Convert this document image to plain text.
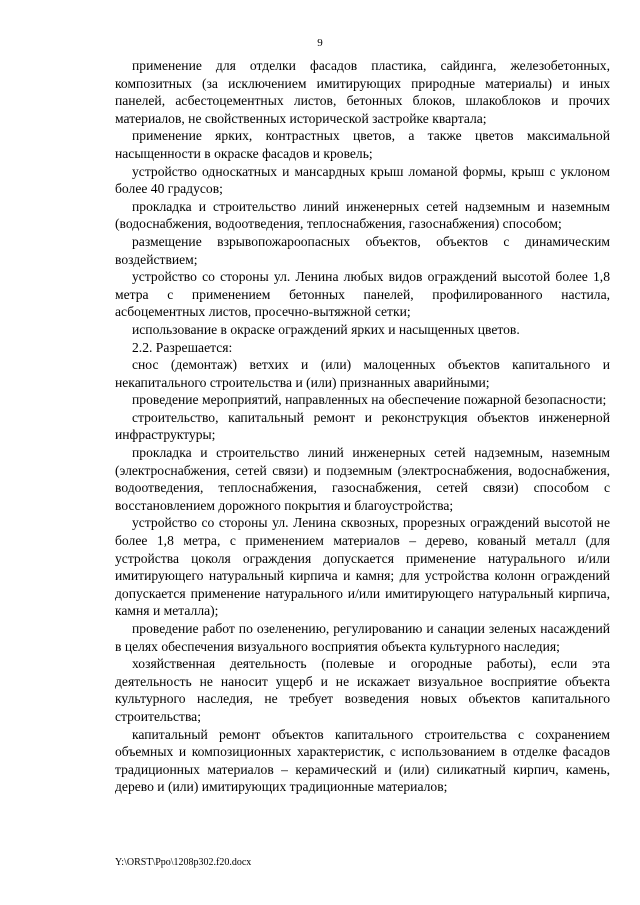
9

применение для отделки фасадов пластика, сайдинга, железобетонных, композитных (за исключением имитирующих природные материалы) и иных панелей, асбестоцементных листов, бетонных блоков, шлакоблоков и прочих материалов, не свойственных исторической застройке квартала;

применение ярких, контрастных цветов, а также цветов максимальной насыщенности в окраске фасадов и кровель;

устройство односкатных и мансардных крыш ломаной формы, крыш с уклоном более 40 градусов;

прокладка и строительство линий инженерных сетей надземным и наземным (водоснабжения, водоотведения, теплоснабжения, газоснабжения) способом;

размещение взрывопожароопасных объектов, объектов с динамическим воздействием;

устройство со стороны ул. Ленина любых видов ограждений высотой более 1,8 метра с применением бетонных панелей, профилированного настила, асбоцементных листов, просечно-вытяжной сетки;

использование в окраске ограждений ярких и насыщенных цветов.

2.2. Разрешается:

снос (демонтаж) ветхих и (или) малоценных объектов капитального и некапитального строительства и (или) признанных аварийными;

проведение мероприятий, направленных на обеспечение пожарной безопасности;

строительство, капитальный ремонт и реконструкция объектов инженерной инфраструктуры;

прокладка и строительство линий инженерных сетей надземным, наземным (электроснабжения, сетей связи) и подземным (электроснабжения, водоснабжения, водоотведения, теплоснабжения, газоснабжения, сетей связи) способом с восстановлением дорожного покрытия и благоустройства;

устройство со стороны ул. Ленина сквозных, прорезных ограждений высотой не более 1,8 метра, с применением материалов – дерево, кованый металл (для устройства цоколя ограждения допускается применение натурального и/или имитирующего натуральный кирпича и камня; для устройства колонн ограждений допускается применение натурального и/или имитирующего натуральный кирпича, камня и металла);

проведение работ по озеленению, регулированию и санации зеленых насаждений в целях обеспечения визуального восприятия объекта культурного наследия;

хозяйственная деятельность (полевые и огородные работы), если эта деятельность не наносит ущерб и не искажает визуальное восприятие объекта культурного наследия, не требует возведения новых объектов капитального строительства;

капитальный ремонт объектов капитального строительства с сохранением объемных и композиционных характеристик, с использованием в отделке фасадов традиционных материалов – керамический и (или) силикатный кирпич, камень, дерево и (или) имитирующих традиционные материалов;

Y:\ORST\Ppo\1208p302.f20.docx
